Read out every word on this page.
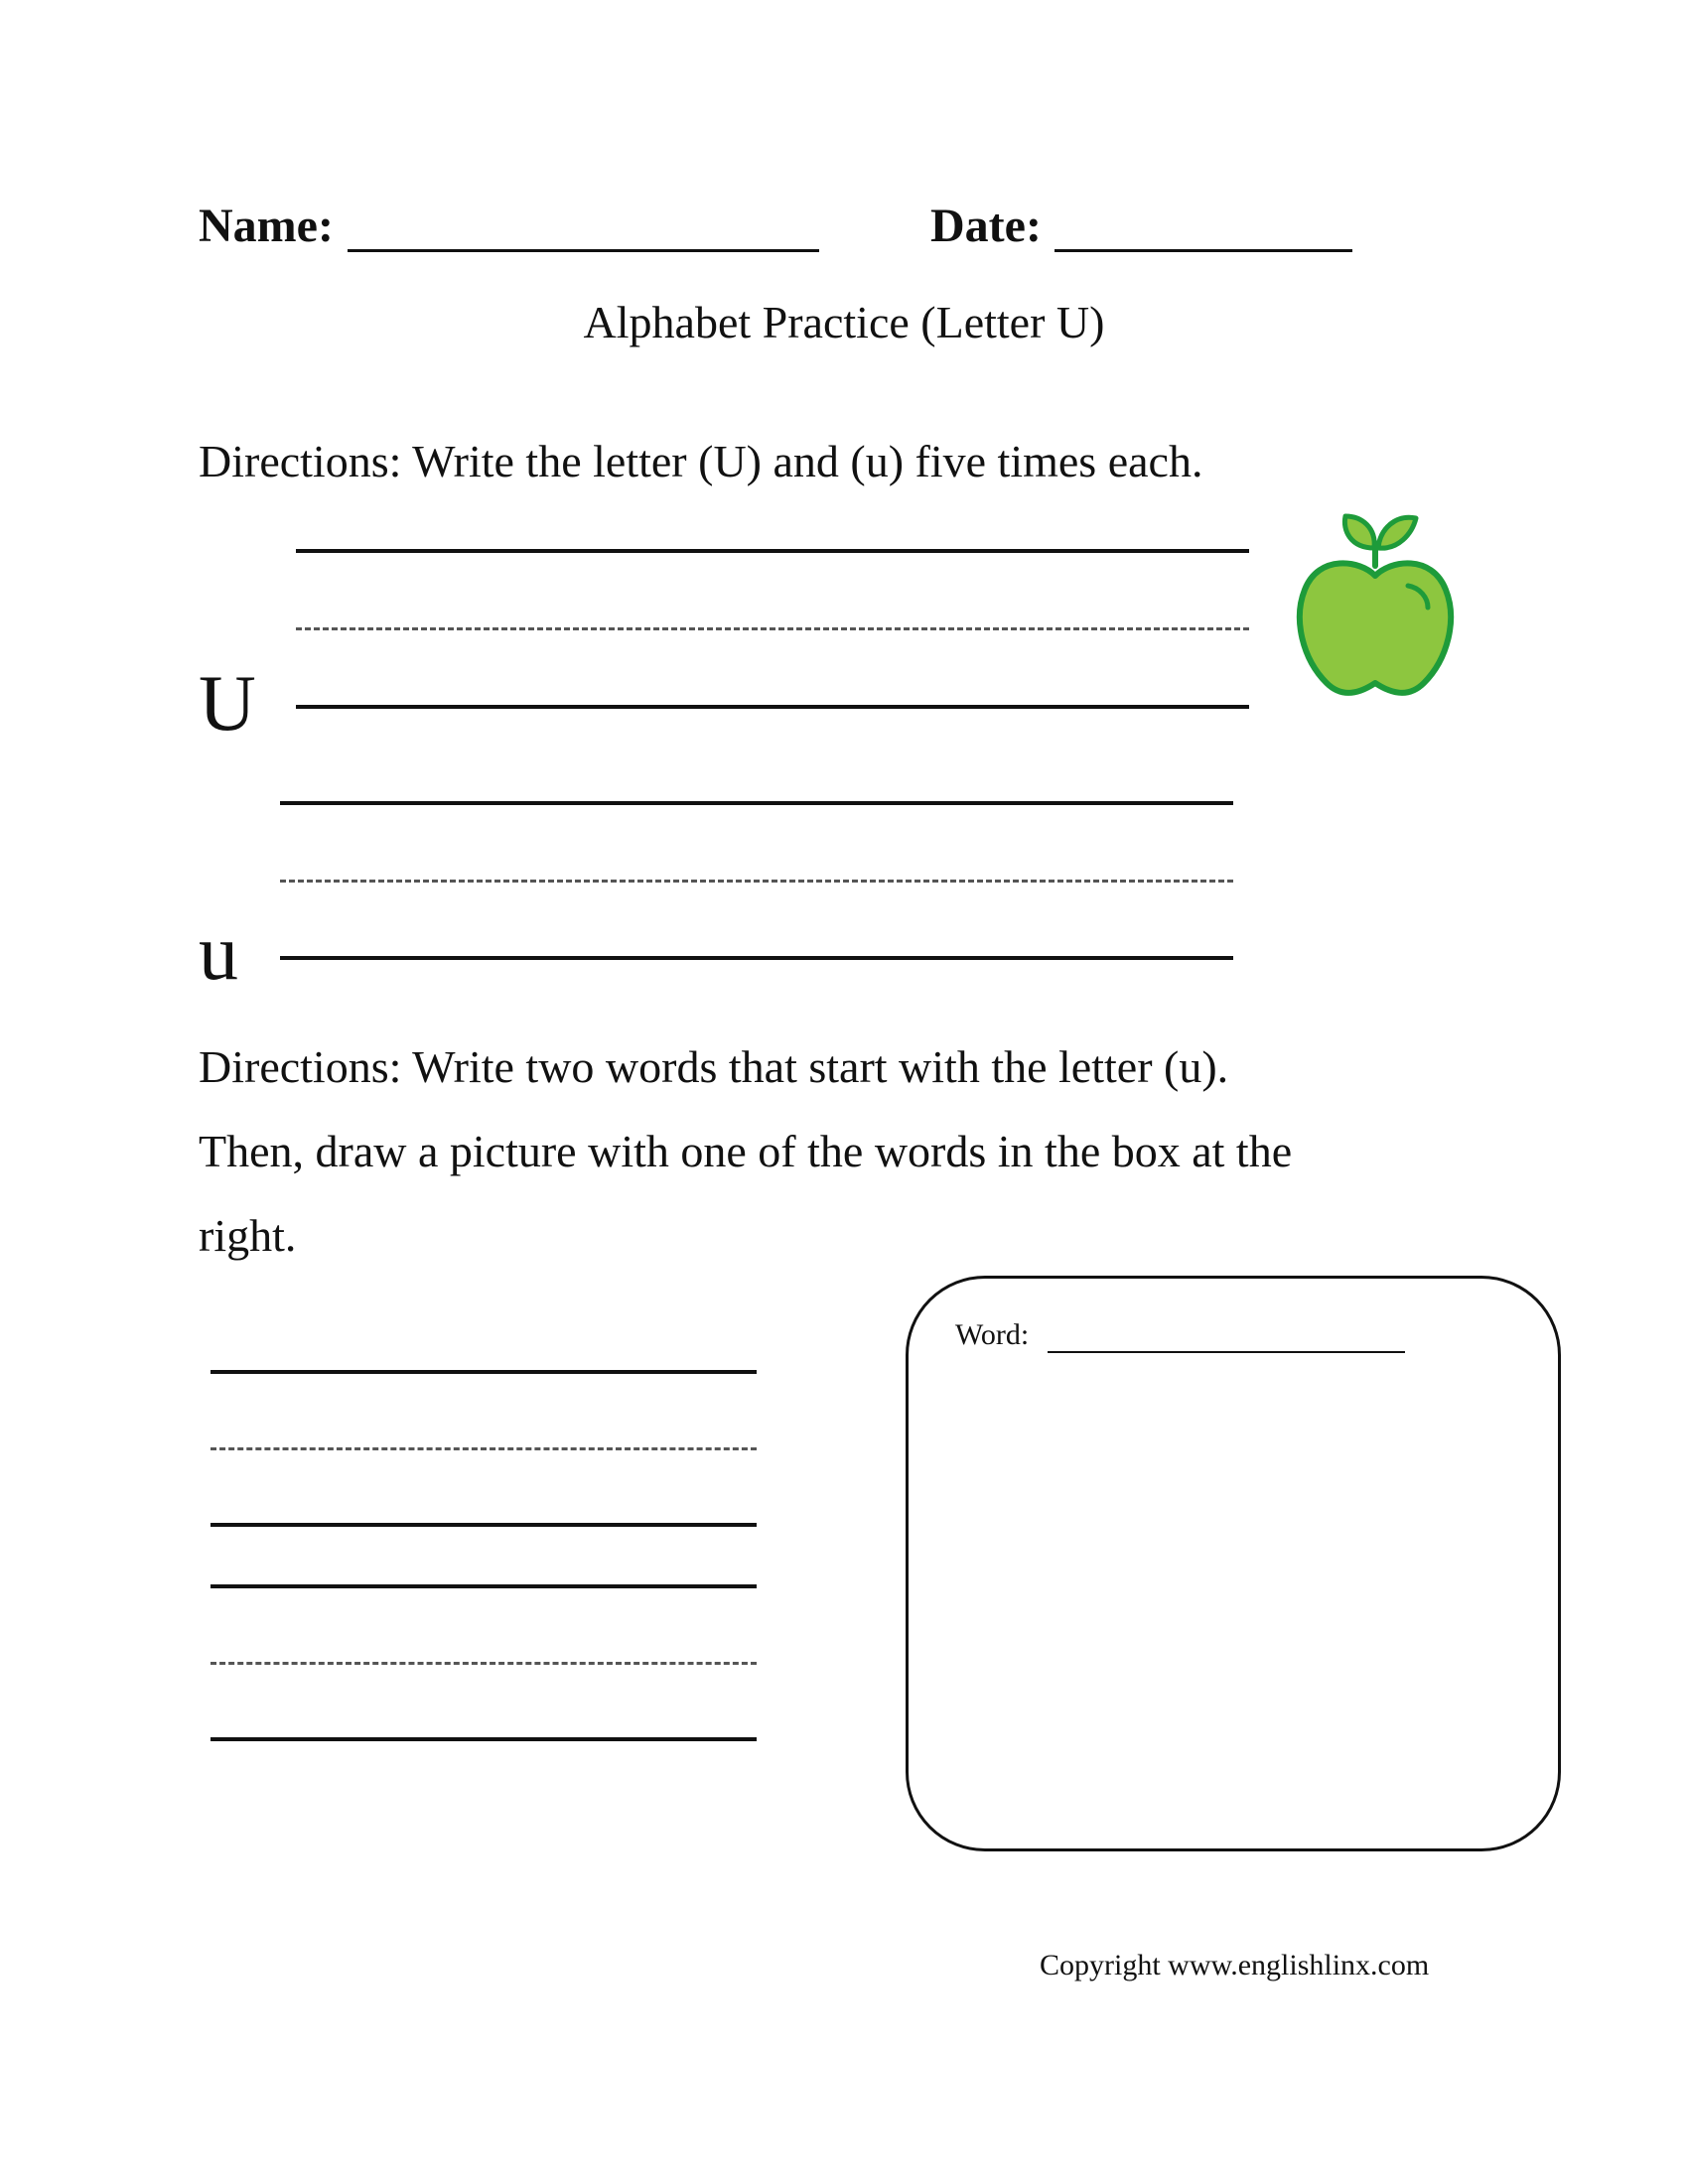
Name:	Date:
Alphabet Practice (Letter U)
Directions: Write the letter (U) and (u) five times each.
U
u
Directions: Write two words that start with the letter (u).
Then, draw a picture with one of the words in the box at the
right.
Word:
Copyright www.englishlinx.com
